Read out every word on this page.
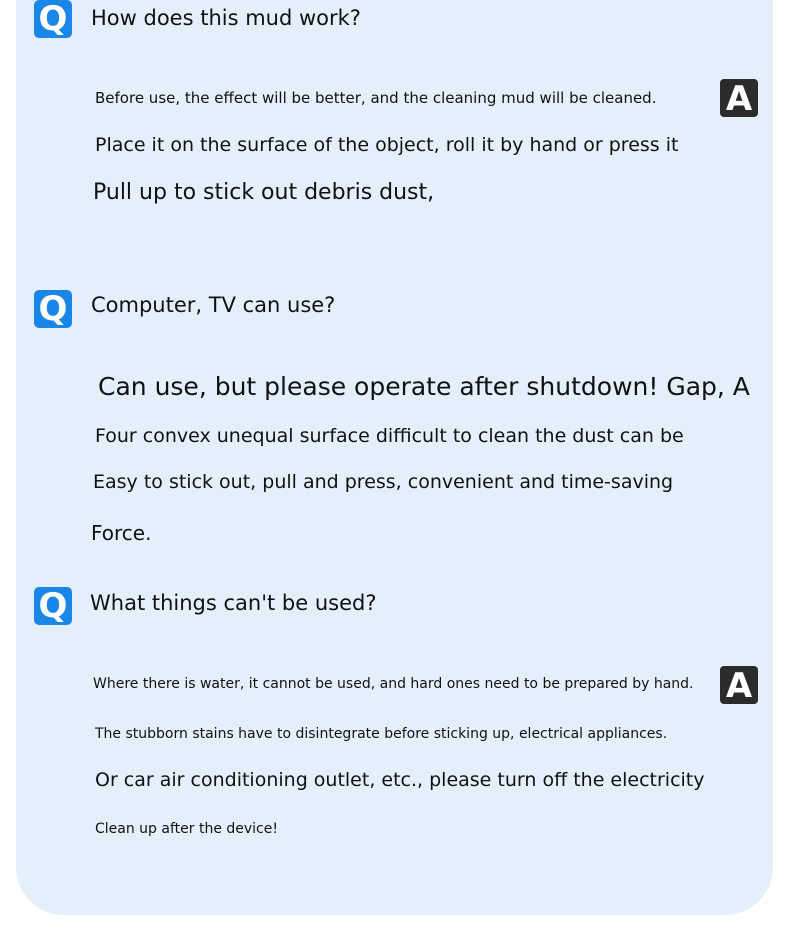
Q How does this mud work?
A
Before use, the effect will be better, and the cleaning mud will be cleaned.
Place it on the surface of the object, roll it by hand or press it
Pull up to stick out debris dust,
Q Computer, TV can use?
Can use, but please operate after shutdown! Gap, A
Four convex unequal surface difficult to clean the dust can be
Easy to stick out, pull and press, convenient and time-saving
Force.
Q What things can't be used?
A
Where there is water, it cannot be used, and hard ones need to be prepared by hand.
The stubborn stains have to disintegrate before sticking up, electrical appliances.
Or car air conditioning outlet, etc., please turn off the electricity
Clean up after the device!
